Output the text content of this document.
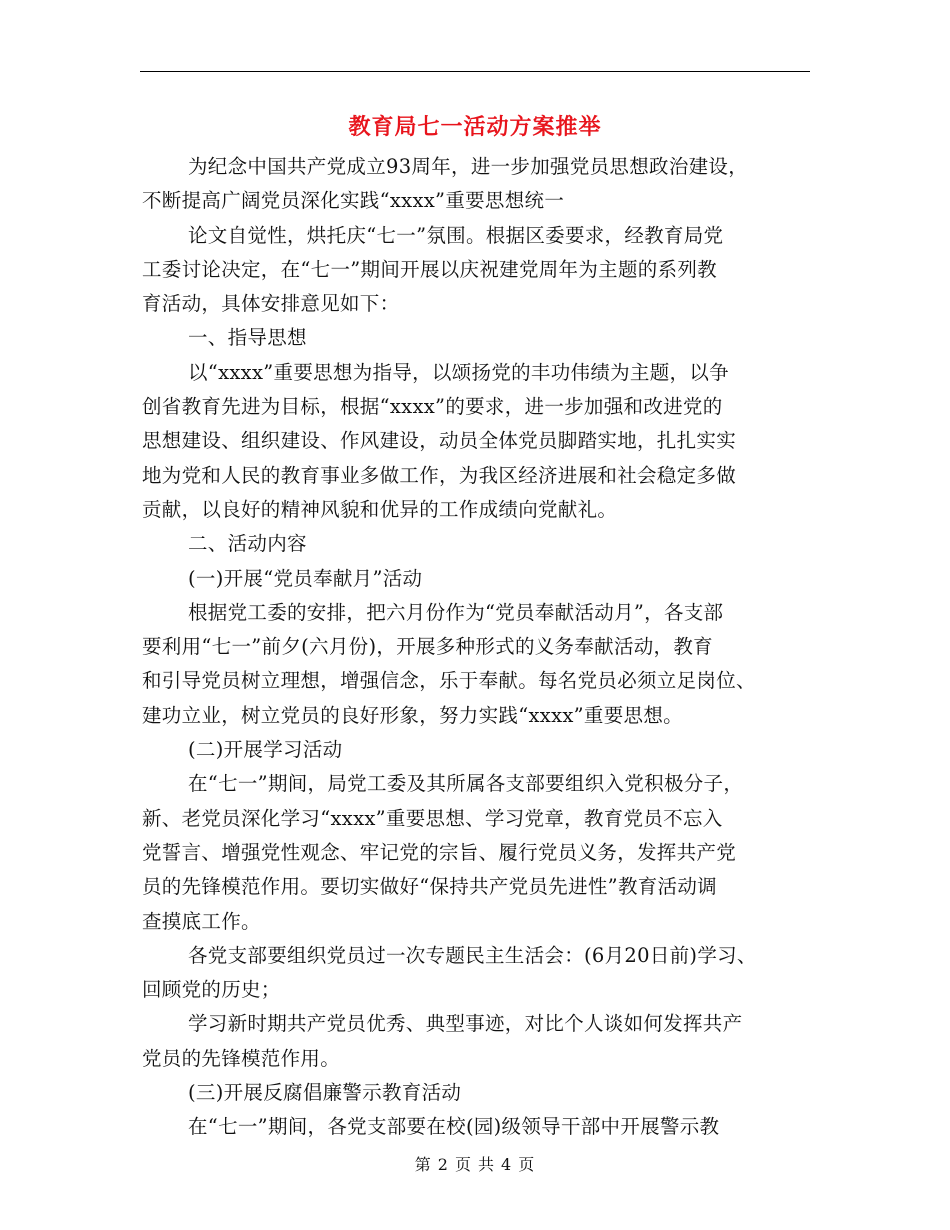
教育局七一活动方案推举
为纪念中国共产党成立93周年，进一步加强党员思想政治建设，
不断提高广阔党员深化实践“xxxx”重要思想统一
论文自觉性，烘托庆“七一”氛围。根据区委要求，经教育局党
工委讨论决定，在“七一”期间开展以庆祝建党周年为主题的系列教
育活动，具体安排意见如下：
一、指导思想
以“xxxx”重要思想为指导，以颂扬党的丰功伟绩为主题，以争
创省教育先进为目标，根据“xxxx”的要求，进一步加强和改进党的
思想建设、组织建设、作风建设，动员全体党员脚踏实地，扎扎实实
地为党和人民的教育事业多做工作，为我区经济进展和社会稳定多做
贡献，以良好的精神风貌和优异的工作成绩向党献礼。
二、活动内容
(一)开展“党员奉献月”活动
根据党工委的安排，把六月份作为“党员奉献活动月”，各支部
要利用“七一”前夕(六月份)，开展多种形式的义务奉献活动，教育
和引导党员树立理想，增强信念，乐于奉献。每名党员必须立足岗位、
建功立业，树立党员的良好形象，努力实践“xxxx”重要思想。
(二)开展学习活动
在“七一”期间，局党工委及其所属各支部要组织入党积极分子，
新、老党员深化学习“xxxx”重要思想、学习党章，教育党员不忘入
党誓言、增强党性观念、牢记党的宗旨、履行党员义务，发挥共产党
员的先锋模范作用。要切实做好“保持共产党员先进性”教育活动调
查摸底工作。
各党支部要组织党员过一次专题民主生活会：(6月20日前)学习、
回顾党的历史；
学习新时期共产党员优秀、典型事迹，对比个人谈如何发挥共产
党员的先锋模范作用。
(三)开展反腐倡廉警示教育活动
在“七一”期间，各党支部要在校(园)级领导干部中开展警示教
第 2 页 共 4 页
